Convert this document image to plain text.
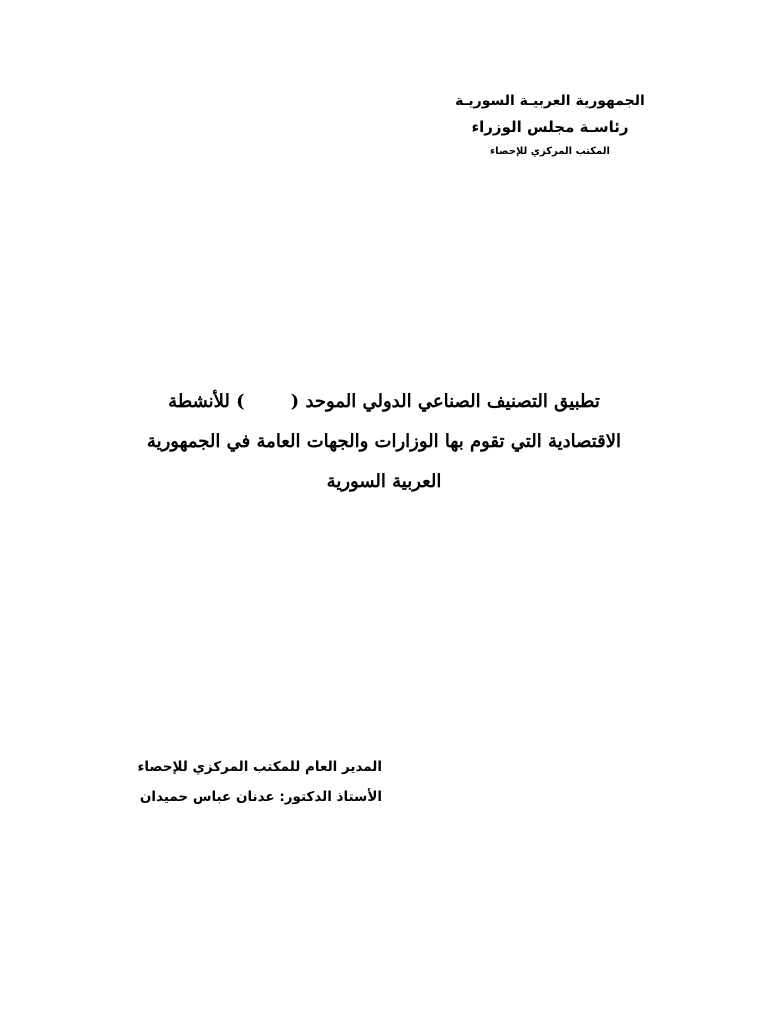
الجمهورية العربيـة السوريـة

رئاسـة مجلس الوزراء

المكتب المركزي للإحصاء

تطبيق التصنيف الصناعي الدولي الموحد () للأنشطة

الاقتصادية التي تقوم بها الوزارات والجهات العامة في الجمهورية

العربية السورية

المدير العام للمكتب المركزي للإحصاء

الأستاذ الدكتور: عدنان عباس حميدان
